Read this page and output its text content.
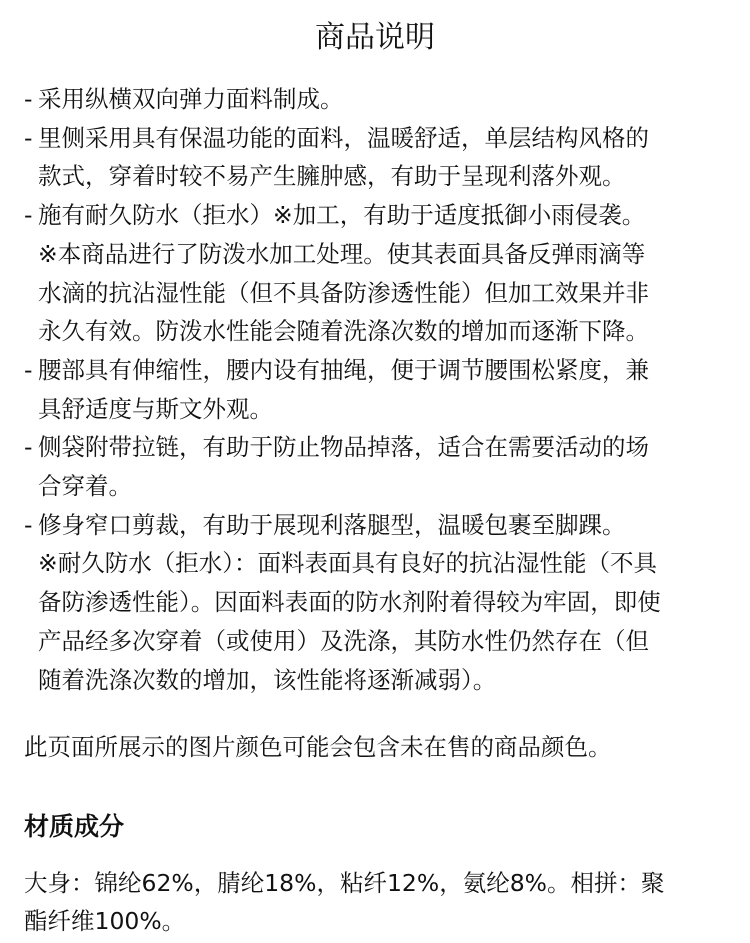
商品说明
- 采用纵横双向弹力面料制成。
- 里侧采用具有保温功能的面料，温暖舒适，单层结构风格的
款式，穿着时较不易产生臃肿感，有助于呈现利落外观。
- 施有耐久防水（拒水）※加工，有助于适度抵御小雨侵袭。
※本商品进行了防泼水加工处理。使其表面具备反弹雨滴等
水滴的抗沾湿性能（但不具备防渗透性能）但加工效果并非
永久有效。防泼水性能会随着洗涤次数的增加而逐渐下降。
- 腰部具有伸缩性，腰内设有抽绳，便于调节腰围松紧度，兼
具舒适度与斯文外观。
- 侧袋附带拉链，有助于防止物品掉落，适合在需要活动的场
合穿着。
- 修身窄口剪裁，有助于展现利落腿型，温暖包裹至脚踝。
※耐久防水（拒水）：面料表面具有良好的抗沾湿性能（不具
备防渗透性能）。因面料表面的防水剂附着得较为牢固，即使
产品经多次穿着（或使用）及洗涤，其防水性仍然存在（但
随着洗涤次数的增加，该性能将逐渐减弱）。

此页面所展示的图片颜色可能会包含未在售的商品颜色。

材质成分

大身：锦纶62%，腈纶18%，粘纤12%，氨纶8%。相拼：聚
酯纤维100%。
